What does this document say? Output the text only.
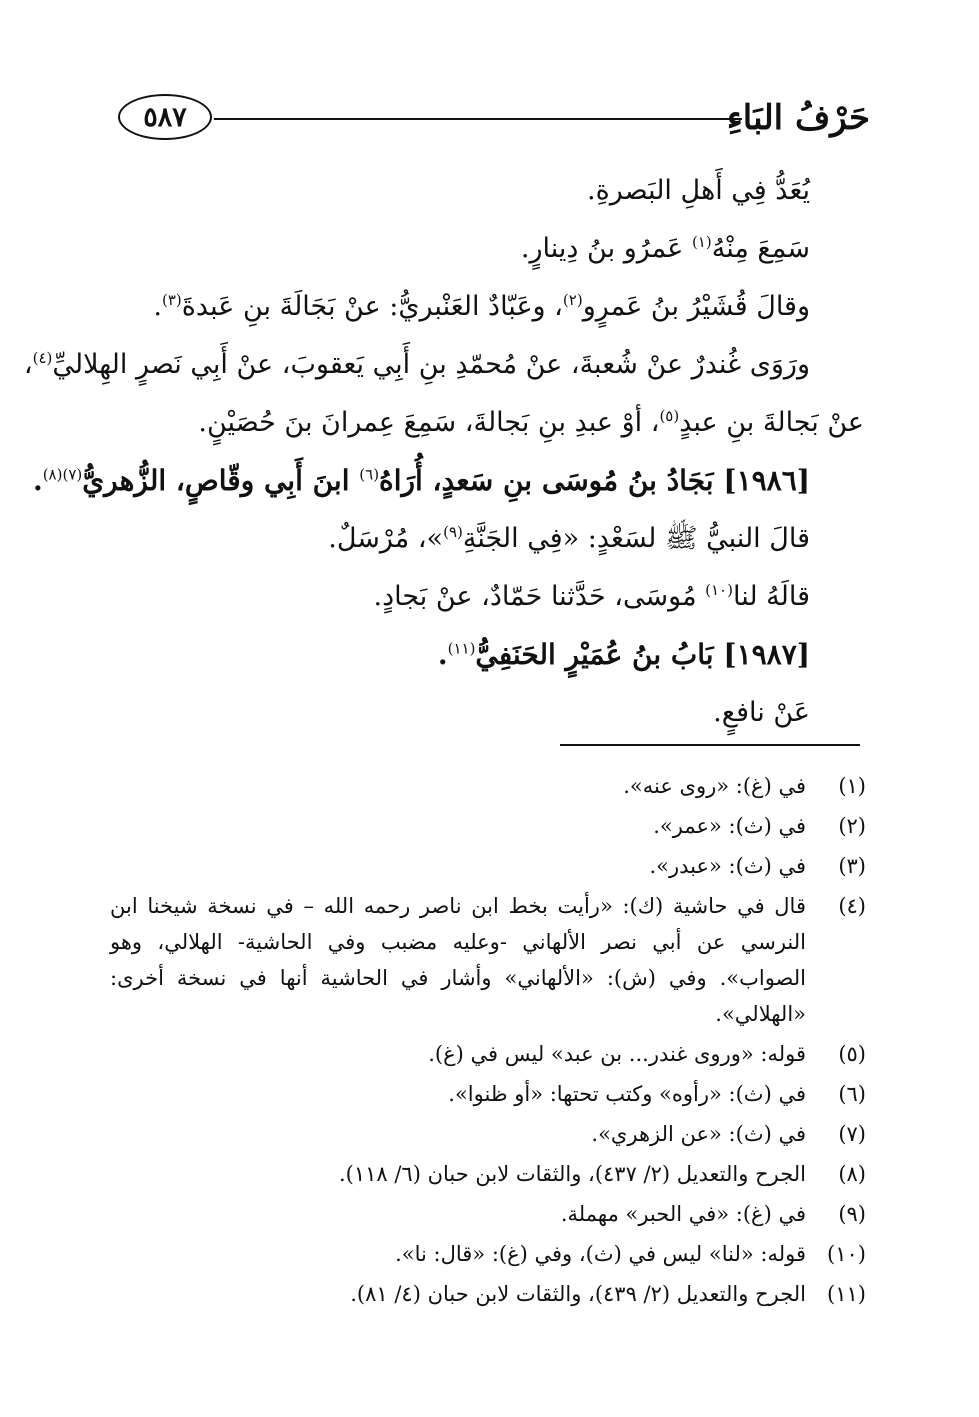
٥٨٧	حَرْفُ البَاءِ
يُعَدُّ فِي أَهلِ البَصرةِ.
سَمِعَ مِنْهُ$^{(١)}$ عَمرُو بنُ دِينارٍ.
وقالَ قُشَيْرُ بنُ عَمرٍو$^{(٢)}$، وعَبّادٌ العَنْبريُّ: عنْ بَجَالَةَ بنِ عَبدةَ$^{(٣)}$.
ورَوَى غُندرٌ عنْ شُعبةَ، عنْ مُحمّدِ بنِ أَبِي يَعقوبَ، عنْ أَبِي نَصرٍ الهِلاليِّ$^{(٤)}$،
عنْ بَجالةَ بنِ عبدٍ$^{(٥)}$، أوْ عبدِ بنِ بَجالةَ، سَمِعَ عِمرانَ بنَ حُصَيْنٍ.
[١٩٨٦] بَجَادُ بنُ مُوسَى بنِ سَعدٍ، أُرَاهُ$^{(٦)}$ ابنَ أَبِي وقّاصٍ، الزُّهريُّ$^{(٧)(٨)}$.
قالَ النبيُّ ﷺ لسَعْدٍ: «فِي الجَنَّةِ$^{(٩)}$»، مُرْسَلٌ.
قالَهُ لنا$^{(١٠)}$ مُوسَى، حَدَّثنا حَمّادٌ، عنْ بَجادٍ.
[١٩٨٧] بَابُ بنُ عُمَيْرٍ الحَنَفِيُّ$^{(١١)}$.
عَنْ نافعٍ.
(١)
في (غ): «روى عنه».
(٢)
في (ث): «عمر».
(٣)
في (ث): «عبدر».
(٤)
قال في حاشية (ك): «رأيت بخط ابن ناصر رحمه الله – في نسخة شيخنا ابن النرسي عن أبي نصر الألهاني -وعليه مضبب وفي الحاشية- الهلالي، وهو الصواب». وفي (ش): «الألهاني» وأشار في الحاشية أنها في نسخة أخرى: «الهلالي».
(٥)
قوله: «وروى غندر... بن عبد» ليس في (غ).
(٦)
في (ث): «رأوه» وكتب تحتها: «أو ظنوا».
(٧)
في (ث): «عن الزهري».
(٨)
الجرح والتعديل (٢/ ٤٣٧)، والثقات لابن حبان (٦/ ١١٨).
(٩)
في (غ): «في الحبر» مهملة.
(١٠)
قوله: «لنا» ليس في (ث)، وفي (غ): «قال: نا».
(١١)
الجرح والتعديل (٢/ ٤٣٩)، والثقات لابن حبان (٤/ ٨١).
